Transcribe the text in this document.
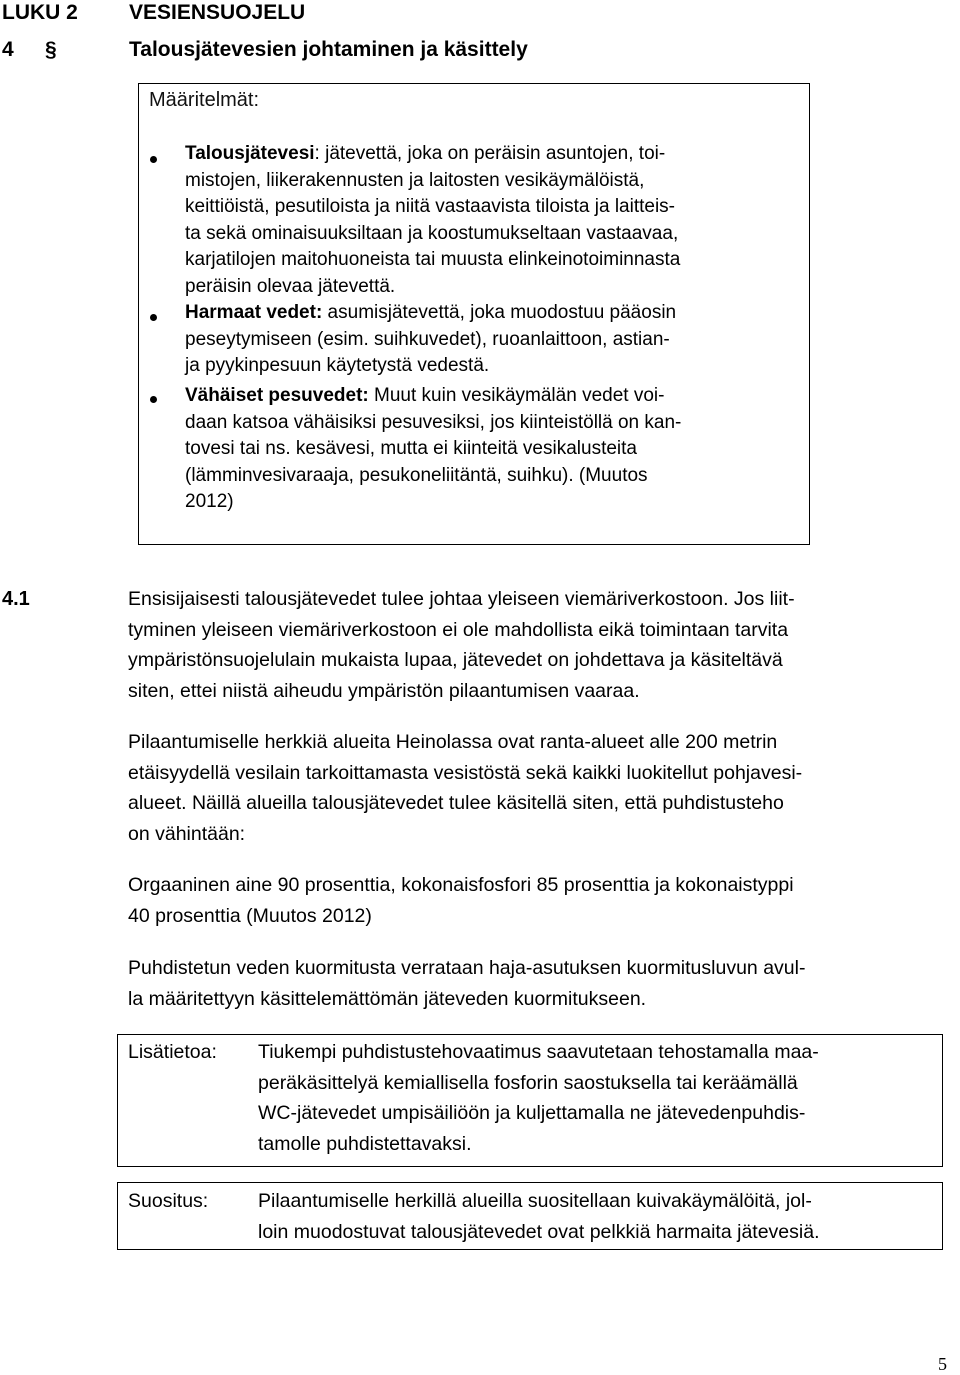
LUKU 2 VESIENSUOJELU
4 §	Talousjätevesien johtaminen ja käsittely
Määritelmät:
Talousjätevesi: jätevettä, joka on peräisin asuntojen, toi-
mistojen, liikerakennusten ja laitosten vesikäymälöistä,
keittiöistä, pesutiloista ja niitä vastaavista tiloista ja laitteis-
ta sekä ominaisuuksiltaan ja koostumukseltaan vastaavaa,
karjatilojen maitohuoneista tai muusta elinkeinotoiminnasta
peräisin olevaa jätevettä.
Harmaat vedet: asumisjätevettä, joka muodostuu pääosin
peseytymiseen (esim. suihkuvedet), ruoanlaittoon, astian-
ja pyykinpesuun käytetystä vedestä.
Vähäiset pesuvedet: Muut kuin vesikäymälän vedet voi-
daan katsoa vähäisiksi pesuvesiksi, jos kiinteistöllä on kan-
tovesi tai ns. kesävesi, mutta ei kiinteitä vesikalusteita
(lämminvesivaraaja, pesukoneliitäntä, suihku). (Muutos
2012)
4.1	Ensisijaisesti talousjätevedet tulee johtaa yleiseen viemäriverkostoon. Jos liit-
tyminen yleiseen viemäriverkostoon ei ole mahdollista eikä toimintaan tarvita
ympäristönsuojelulain mukaista lupaa, jätevedet on johdettava ja käsiteltävä
siten, ettei niistä aiheudu ympäristön pilaantumisen vaaraa.
Pilaantumiselle herkkiä alueita Heinolassa ovat ranta-alueet alle 200 metrin
etäisyydellä vesilain tarkoittamasta vesistöstä sekä kaikki luokitellut pohjavesi-
alueet. Näillä alueilla talousjätevedet tulee käsitellä siten, että puhdistusteho
on vähintään:
Orgaaninen aine 90 prosenttia, kokonaisfosfori 85 prosenttia ja kokonaistyppi
40 prosenttia (Muutos 2012)
Puhdistetun veden kuormitusta verrataan haja-asutuksen kuormitusluvun avul-
la määritettyyn käsittelemättömän jäteveden kuormitukseen.
Lisätietoa: Tiukempi puhdistustehovaatimus saavutetaan tehostamalla maa-
peräkäsittelyä kemiallisella fosforin saostuksella tai keräämällä
WC-jätevedet umpisäiliöön ja kuljettamalla ne jätevedenpuhdis-
tamolle puhdistettavaksi.
Suositus:	Pilaantumiselle herkillä alueilla suositellaan kuivakäymälöitä, jol-
loin muodostuvat talousjätevedet ovat pelkkiä harmaita jätevesiä.
5
